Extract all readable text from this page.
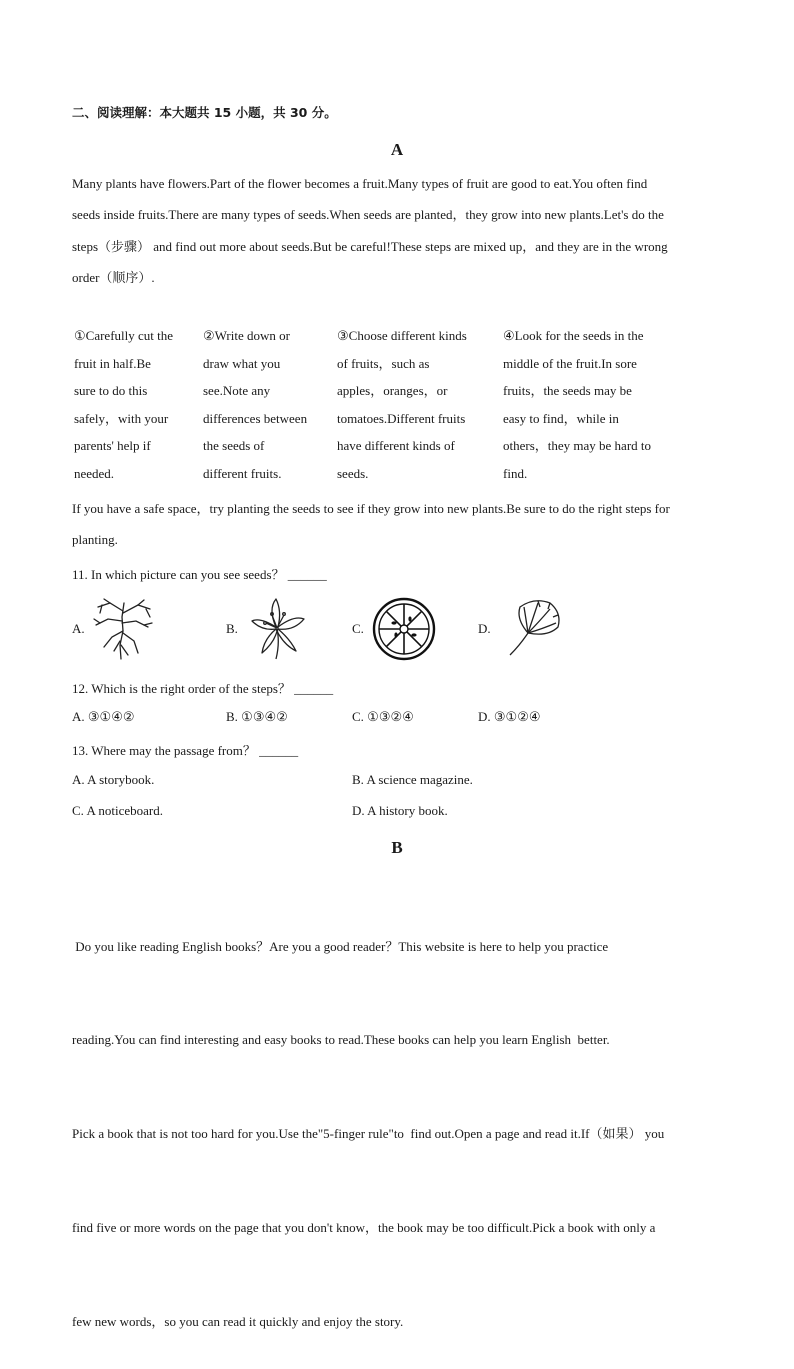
二、阅读理解：本大题共 15 小题，共 30 分。
A
Many plants have flowers.Part of the flower becomes a fruit.Many types of fruit are good to eat.You often find
seeds inside fruits.There are many types of seeds.When seeds are planted，they grow into new plants.Let's do the
steps（步骤） and find out more about seeds.But be careful!These steps are mixed up，and they are in the wrong
order（顺序）.
①Carefully cut the
fruit in half.Be
sure to do this
safely，with your
parents' help if
needed.
②Write down or
draw what you
see.Note any
differences between
the seeds of
different fruits.
③Choose different kinds
of fruits，such as
apples，oranges，or
tomatoes.Different fruits
have different kinds of
seeds.
④Look for the seeds in the
middle of the fruit.In sore
fruits，the seeds may be
easy to find，while in
others，they may be hard to
find.
If you have a safe space，try planting the seeds to see if they grow into new plants.Be sure to do the right steps for
planting.
11. In which picture can you see seeds？ ______
A.	B.	C.	D.
12. Which is the right order of the steps？ ______
A. ③①④②	B. ①③④②	C. ①③②④	D. ③①②④
13. Where may the passage from？ ______
A. A storybook.	B. A science magazine.
C. A noticeboard.	D. A history book.
B

Do you like reading English books？Are you a good reader？This website is here to help you practice

reading.You can find interesting and easy books to read.These books can help you learn English  better.

Pick a book that is not too hard for you.Use the"5-finger rule"to  find out.Open a page and read it.If（如果） you

find five or more words on the page that you don't know，the book may be too difficult.Pick a book with only a

few new words，so you can read it quickly and enjoy the story.
